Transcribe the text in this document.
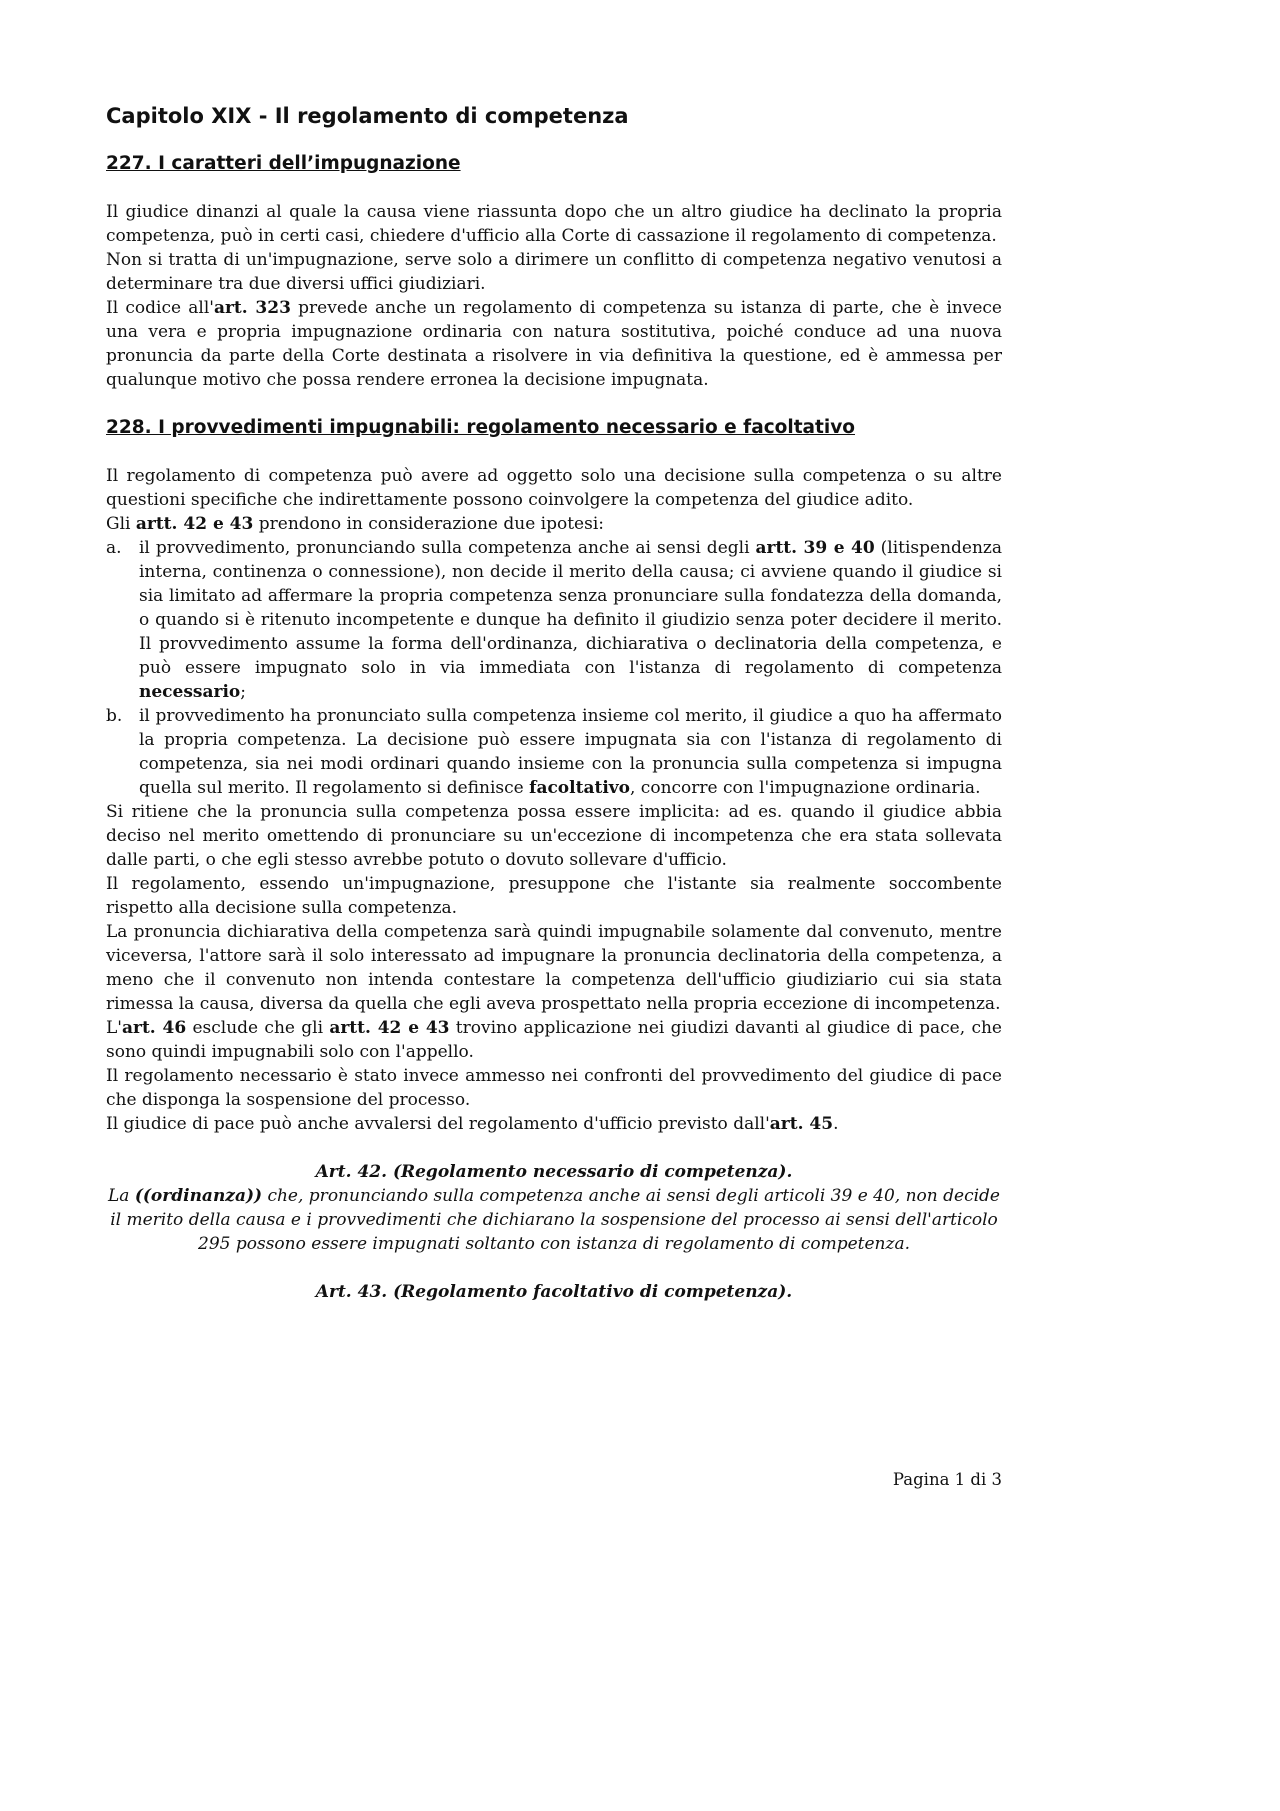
Capitolo XIX - Il regolamento di competenza
227. I caratteri dell’impugnazione

Il giudice dinanzi al quale la causa viene riassunta dopo che un altro giudice ha declinato la propria competenza, può in certi casi, chiedere d'ufficio alla Corte di cassazione il regolamento di competenza.

Non si tratta di un'impugnazione, serve solo a dirimere un conflitto di competenza negativo venutosi a determinare tra due diversi uffici giudiziari.

Il codice all'art. 323 prevede anche un regolamento di competenza su istanza di parte, che è invece una vera e propria impugnazione ordinaria con natura sostitutiva, poiché conduce ad una nuova pronuncia da parte della Corte destinata a risolvere in via definitiva la questione, ed è ammessa per qualunque motivo che possa rendere erronea la decisione impugnata.

228. I provvedimenti impugnabili: regolamento necessario e facoltativo

Il regolamento di competenza può avere ad oggetto solo una decisione sulla competenza o su altre questioni specifiche che indirettamente possono coinvolgere la competenza del giudice adito.

Gli artt. 42 e 43 prendono in considerazione due ipotesi:

a. il provvedimento, pronunciando sulla competenza anche ai sensi degli artt. 39 e 40 (litispendenza interna, continenza o connessione), non decide il merito della causa; ci avviene quando il giudice si sia limitato ad affermare la propria competenza senza pronunciare sulla fondatezza della domanda, o quando si è ritenuto incompetente e dunque ha definito il giudizio senza poter decidere il merito. Il provvedimento assume la forma dell'ordinanza, dichiarativa o declinatoria della competenza, e può essere impugnato solo in via immediata con l'istanza di regolamento di competenza necessario;
b. il provvedimento ha pronunciato sulla competenza insieme col merito, il giudice a quo ha affermato la propria competenza. La decisione può essere impugnata sia con l'istanza di regolamento di competenza, sia nei modi ordinari quando insieme con la pronuncia sulla competenza si impugna quella sul merito. Il regolamento si definisce facoltativo, concorre con l'impugnazione ordinaria.

Si ritiene che la pronuncia sulla competenza possa essere implicita: ad es. quando il giudice abbia deciso nel merito omettendo di pronunciare su un'eccezione di incompetenza che era stata sollevata dalle parti, o che egli stesso avrebbe potuto o dovuto sollevare d'ufficio.

Il regolamento, essendo un'impugnazione, presuppone che l'istante sia realmente soccombente rispetto alla decisione sulla competenza.

La pronuncia dichiarativa della competenza sarà quindi impugnabile solamente dal convenuto, mentre viceversa, l'attore sarà il solo interessato ad impugnare la pronuncia declinatoria della competenza, a meno che il convenuto non intenda contestare la competenza dell'ufficio giudiziario cui sia stata rimessa la causa, diversa da quella che egli aveva prospettato nella propria eccezione di incompetenza.

L'art. 46 esclude che gli artt. 42 e 43 trovino applicazione nei giudizi davanti al giudice di pace, che sono quindi impugnabili solo con l'appello.

Il regolamento necessario è stato invece ammesso nei confronti del provvedimento del giudice di pace che disponga la sospensione del processo.

Il giudice di pace può anche avvalersi del regolamento d'ufficio previsto dall'art. 45.

Art. 42. (Regolamento necessario di competenza).

La ((ordinanza)) che, pronunciando sulla competenza anche ai sensi degli articoli 39 e 40, non decide il merito della causa e i provvedimenti che dichiarano la sospensione del processo ai sensi dell'articolo 295 possono essere impugnati soltanto con istanza di regolamento di competenza.

Art. 43. (Regolamento facoltativo di competenza).

Pagina 1 di 3
